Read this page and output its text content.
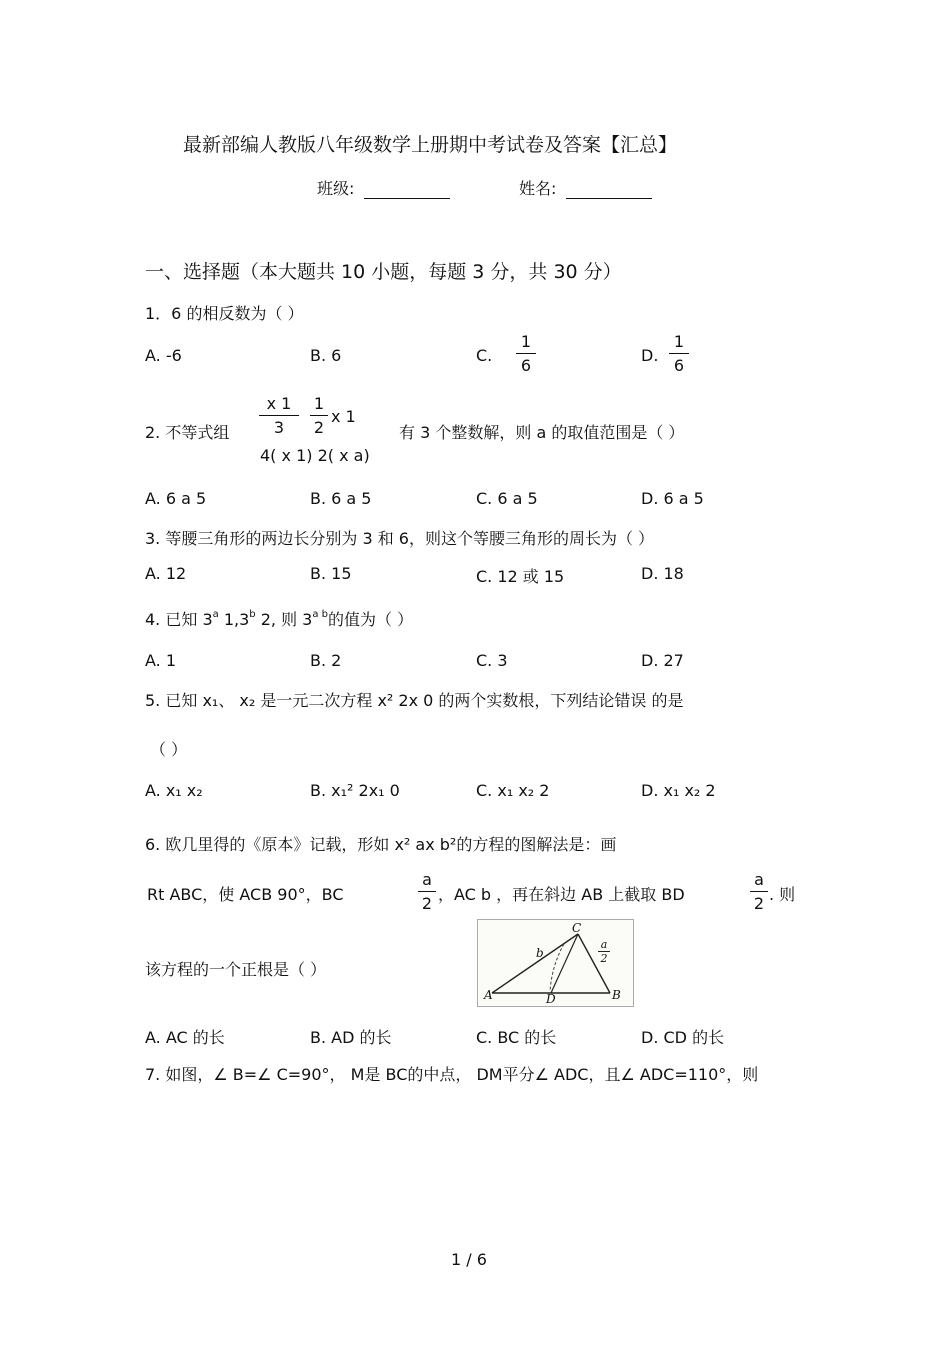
最新部编人教版八年级数学上册期中考试卷及答案【汇总】
班级:	姓名:
一、选择题（本大题共 10 小题，每题 3 分，共 30 分）
1．6 的相反数为（ ）
A. -6	B. 6	C.
1
6
D.
1
6
2. 不等式组
x 1
3
1
2
x 1
有 3 个整数解，则 a 的取值范围是（ ）
4( x 1) 2( x a)
A. 6 a 5	B. 6 a 5	C. 6 a 5	D. 6 a 5
3. 等腰三角形的两边长分别为 3 和 6，则这个等腰三角形的周长为（ ）
A. 12	B. 15	C. 12 或 15	D. 18
4. 已知 3$^a$ 1,3$^b$ 2, 则 $3^{a b}$的值为（ ）
A. 1	B. 2	C. 3	D. 27
5. 已知 x₁、 x₂ 是一元二次方程 x² 2x 0 的两个实数根，下列结论错误 的是
（ ）
A. x₁ x₂	B. x₁² 2x₁ 0	C. x₁ x₂ 2	D. x₁ x₂ 2
6. 欧几里得的《原本》记载，形如 x² ax b²的方程的图解法是：画
Rt ABC，使 ACB 90°，BC
a
2 ，AC b ，再在斜边 AB 上截取 BD
a
2 . 则
该方程的一个正根是（ ）
A	B
C
D
b
a
2
A. AC 的长	B. AD 的长	C. BC 的长	D. CD 的长
7. 如图，∠ B=∠ C=90°， M是 BC的中点， DM平分∠ ADC，且∠ ADC=110°，则
1 / 6
